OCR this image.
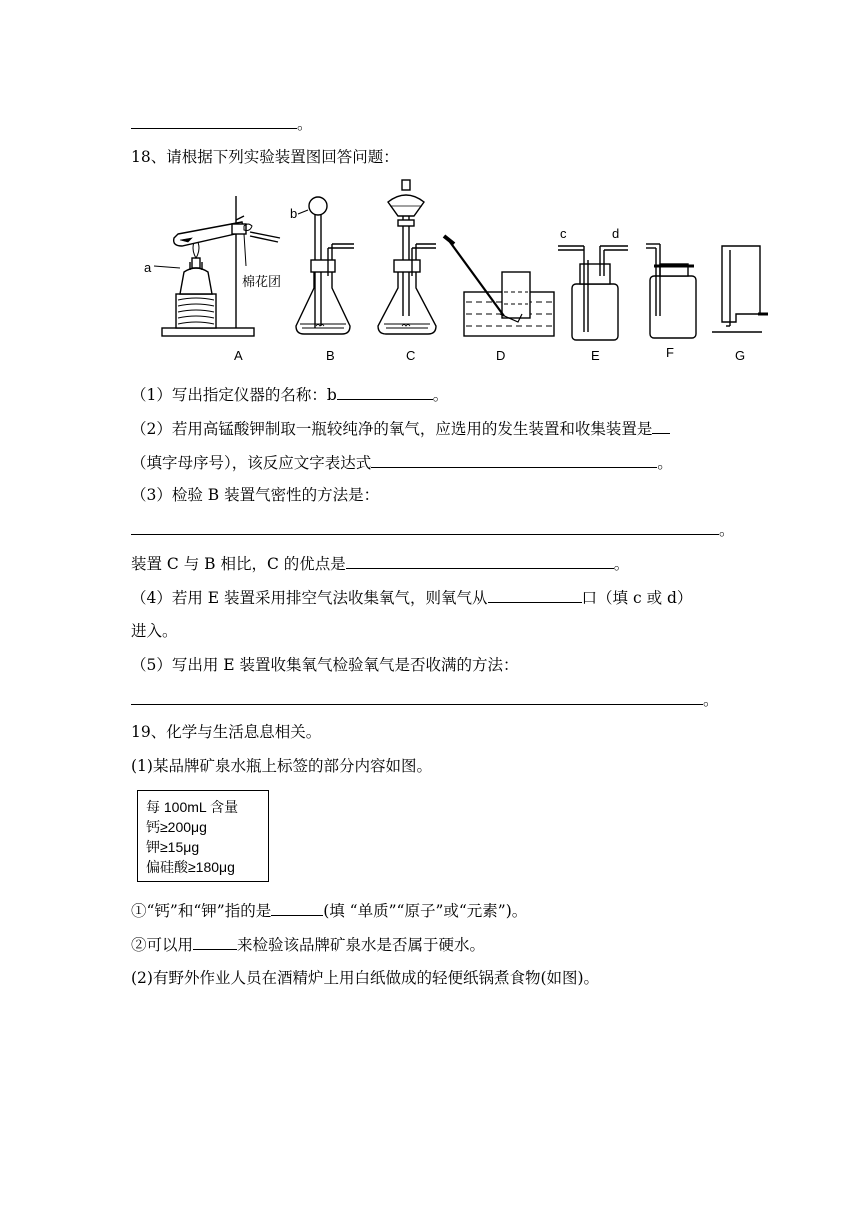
。
18、请根据下列实验装置图回答问题：
A	B	C	D	E	F	G
a
b
c	d
棉花团
（1）写出指定仪器的名称：b	。
（2）若用高锰酸钾制取一瓶较纯净的氧气，应选用的发生装置和收集装置是
（填字母序号），该反应文字表达式	。
（3）检验 B 装置气密性的方法是：
。
装置 C 与 B 相比，C 的优点是	。
（4）若用 E 装置采用排空气法收集氧气，则氧气从	口（填 c 或 d）
进入。
（5）写出用 E 装置收集氧气检验氧气是否收满的方法：
。
19、化学与生活息息相关。
(1)某品牌矿泉水瓶上标签的部分内容如图。
每 100mL 含量
钙≥200μg
钾≥15μg
偏硅酸≥180μg
①“钙”和“钾”指的是	(填 “单质”“原子”或“元素”)。
②可以用	来检验该品牌矿泉水是否属于硬水。
(2)有野外作业人员在酒精炉上用白纸做成的轻便纸锅煮食物(如图)。
